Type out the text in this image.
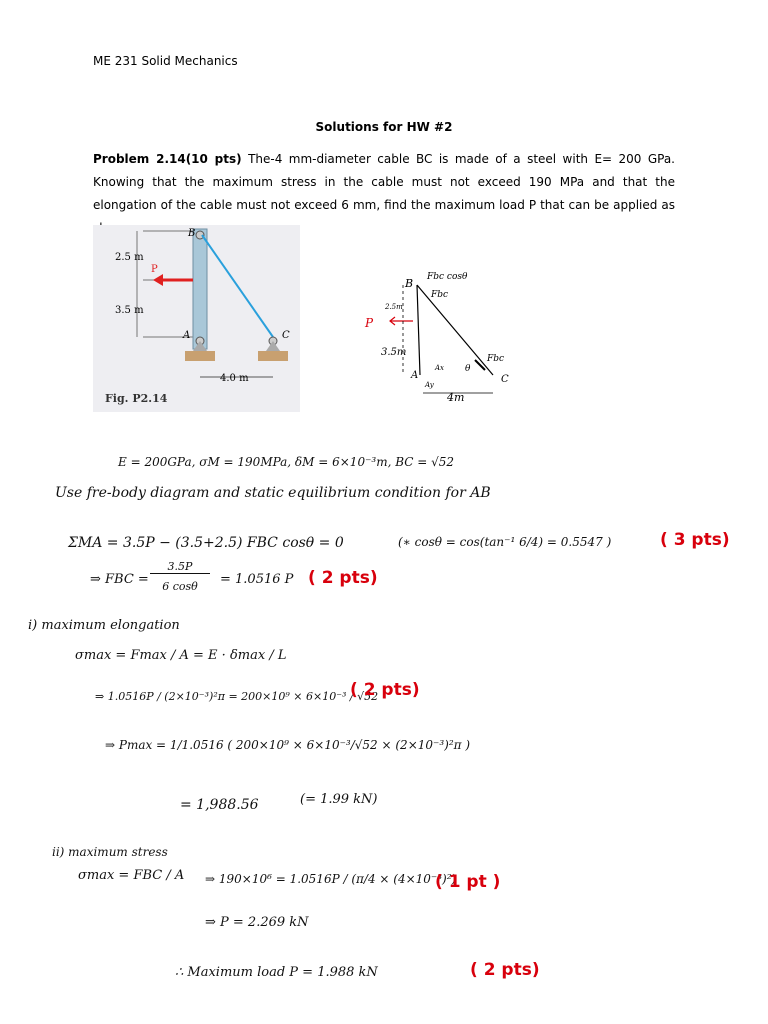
ME 231 Solid Mechanics
Solutions for HW #2
Problem 2.14(10 pts) The-4 mm-diameter cable BC is made of a steel with E= 200 GPa. Knowing that the maximum stress in the cable must not exceed 190 MPa and that the elongation of the cable must not exceed 6 mm, find the maximum load P that can be applied as
B
A	C
P
2.5 m
3.5 m
4.0 m
Fig. P2.14
B Fbc cosθ
Fbc
2.5m
P
3.5m
A
Ax
Ay
θ
Fbc
C
4m
E = 200GPa, σM = 190MPa, δM = 6×10⁻³m, BC = √52
Use fre-body diagram and static equilibrium condition for AB
ΣMA = 3.5P − (3.5+2.5) FBC cosθ = 0	(∗ cosθ = cos(tan⁻¹ 6/4) = 0.5547 )	( 3 pts)
⇒ FBC =
3.5P
6 cosθ	= 1.0516 P ( 2 pts)
i) maximum elongation
σmax = Fmax / A = E · δmax / L
⇒ 1.0516P / (2×10⁻³)²π = 200×10⁹ × 6×10⁻³ / √52
( 2 pts)
⇒ Pmax = 1/1.0516 ( 200×10⁹ × 6×10⁻³/√52 × (2×10⁻³)²π )
= 1,988.56	(= 1.99 kN)
ii) maximum stress
σmax = FBC / A ⇒ 190×10⁶ = 1.0516P / (π/4 × (4×10⁻³)²)
( 1 pt )
⇒ P = 2.269 kN
∴ Maximum load P = 1.988 kN	( 2 pts)
